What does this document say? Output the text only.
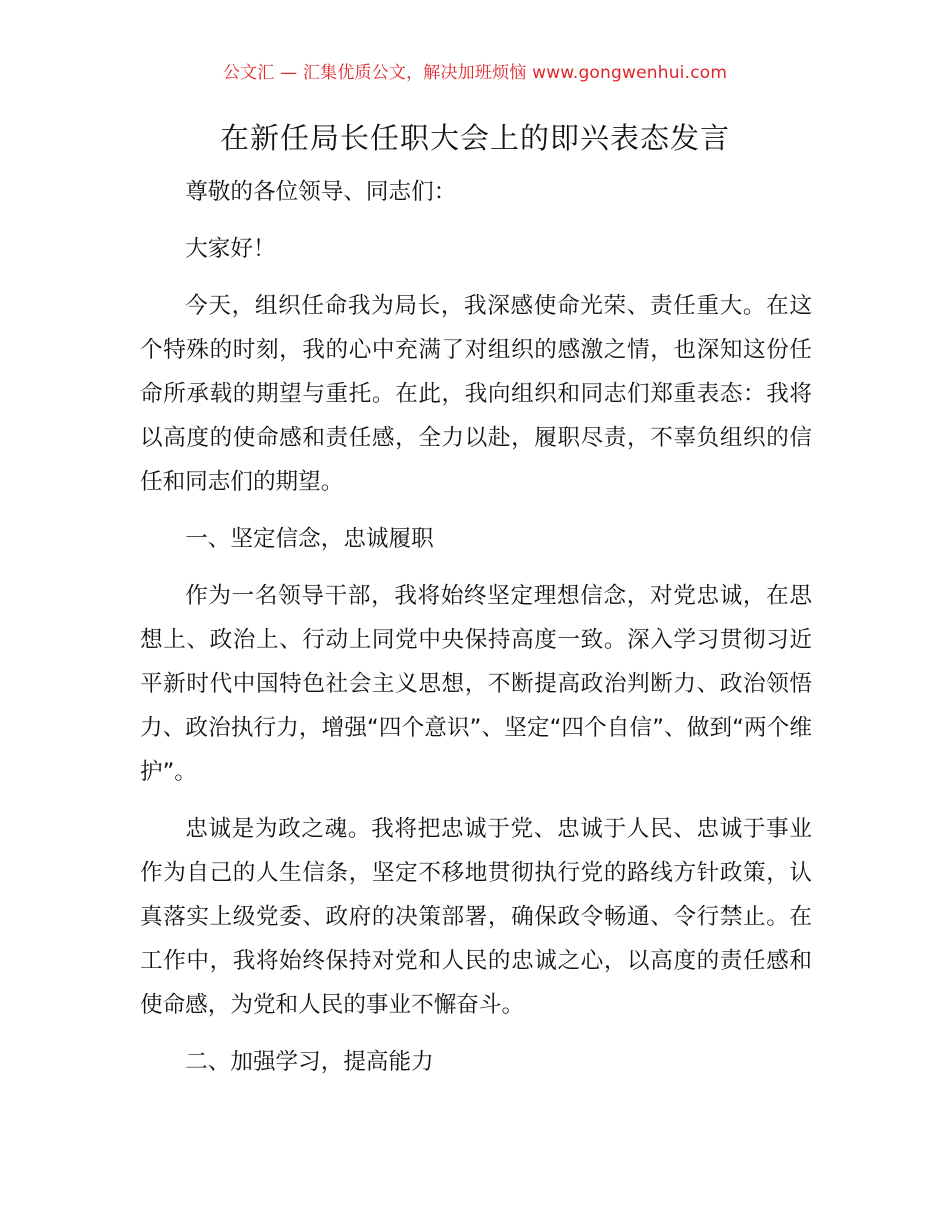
公文汇 — 汇集优质公文，解决加班烦恼 www.gongwenhui.com
在新任局长任职大会上的即兴表态发言

尊敬的各位领导、同志们：

大家好！

今天，组织任命我为局长，我深感使命光荣、责任重大。在这个特殊的时刻，我的心中充满了对组织的感激之情，也深知这份任命所承载的期望与重托。在此，我向组织和同志们郑重表态：我将以高度的使命感和责任感，全力以赴，履职尽责，不辜负组织的信任和同志们的期望。

一、坚定信念，忠诚履职

作为一名领导干部，我将始终坚定理想信念，对党忠诚，在思想上、政治上、行动上同党中央保持高度一致。深入学习贯彻习近平新时代中国特色社会主义思想，不断提高政治判断力、政治领悟力、政治执行力，增强“四个意识”、坚定“四个自信”、做到“两个维护”。

忠诚是为政之魂。我将把忠诚于党、忠诚于人民、忠诚于事业作为自己的人生信条，坚定不移地贯彻执行党的路线方针政策，认真落实上级党委、政府的决策部署，确保政令畅通、令行禁止。在工作中，我将始终保持对党和人民的忠诚之心，以高度的责任感和使命感，为党和人民的事业不懈奋斗。

二、加强学习，提高能力
